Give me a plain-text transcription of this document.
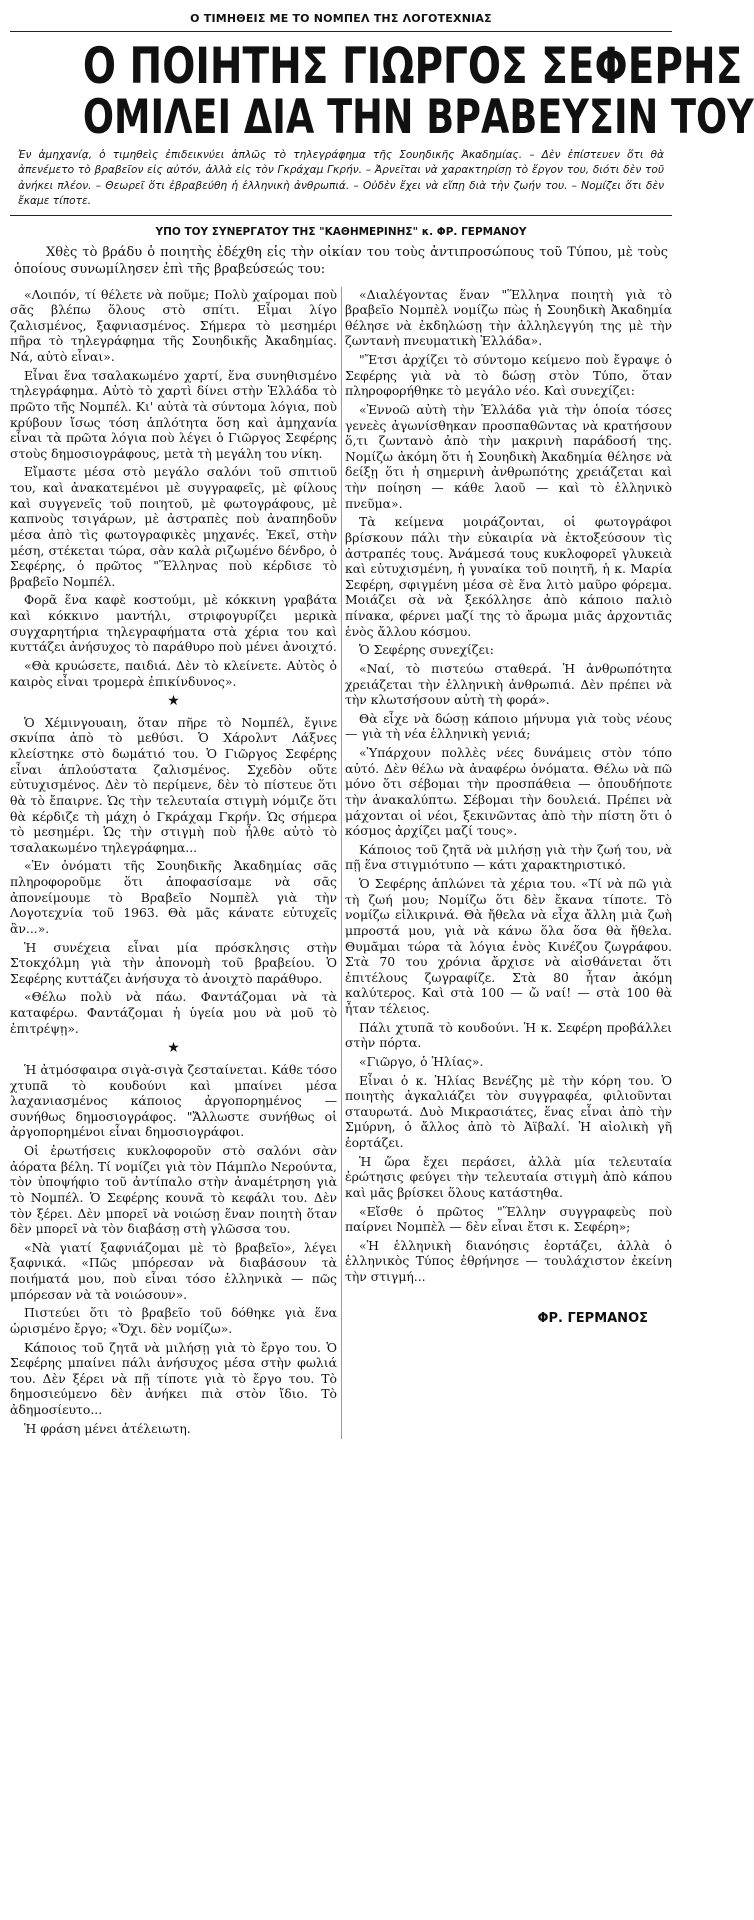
Ο ΤΙΜΗΘΕΙΣ ΜΕ ΤΟ ΝΟΜΠΕΛ ΤΗΣ ΛΟΓΟΤΕΧΝΙΑΣ
Ο ΠΟΙΗΤΗΣ ΓΙΩΡΓΟΣ ΣΕΦΕΡΗΣ
ΟΜΙΛΕΙ ΔΙΑ ΤΗΝ ΒΡΑΒΕΥΣΙΝ ΤΟΥ
Ἐν ἀμηχανίᾳ, ὁ τιμηθεὶς ἐπιδεικνύει ἁπλῶς τὸ τηλεγράφημα τῆς Σουηδικῆς Ἀκαδημίας. – Δὲν ἐπίστευεν ὅτι θὰ ἀπενέμετο τὸ βραβεῖον εἰς αὐτόν, ἀλλὰ εἰς τὸν Γκράχαμ Γκρήν. – Ἀρνεῖται νὰ χαρακτηρίσῃ τὸ ἔργον του, διότι δὲν τοῦ ἀνήκει πλέον. – Θεωρεῖ ὅτι ἐβραβεύθη ἡ ἑλληνικὴ ἀνθρωπιά. – Οὐδὲν ἔχει νὰ εἴπῃ διὰ τὴν ζωήν του. – Νομίζει ὅτι δὲν ἔκαμε τίποτε.
ΥΠΟ ΤΟΥ ΣΥΝΕΡΓΑΤΟΥ ΤΗΣ "ΚΑΘΗΜΕΡΙΝΗΣ" κ. ΦΡ. ΓΕΡΜΑΝΟΥ

Χθὲς τὸ βράδυ ὁ ποιητὴς ἐδέχθη εἰς τὴν οἰκίαν του τοὺς ἀντιπροσώπους τοῦ Τύπου, μὲ τοὺς ὁποίους συνωμίλησεν ἐπὶ τῆς βραβεύσεώς του:

«Λοιπόν, τί θέλετε νὰ ποῦμε; Πολὺ χαίρομαι ποὺ σᾶς βλέπω ὅλους στὸ σπίτι. Εἶμαι λίγο ζαλισμένος, ξαφνιασμένος. Σήμερα τὸ μεσημέρι πῆρα τὸ τηλεγράφημα τῆς Σουηδικῆς Ἀκαδημίας. Νά, αὐτὸ εἶναι».

Εἶναι ἕνα τσαλακωμένο χαρτί, ἕνα συνηθισμένο τηλεγράφημα. Αὐτὸ τὸ χαρτὶ δίνει στὴν Ἑλλάδα τὸ πρῶτο τῆς Νομπέλ. Κι' αὐτὰ τὰ σύντομα λόγια, ποὺ κρύβουν ἴσως τόση ἁπλότητα ὅση καὶ ἀμηχανία εἶναι τὰ πρῶτα λόγια ποὺ λέγει ὁ Γιῶργος Σεφέρης στοὺς δημοσιογράφους, μετὰ τὴ μεγάλη του νίκη.

Εἴμαστε μέσα στὸ μεγάλο σαλόνι τοῦ σπιτιοῦ του, καὶ ἀνακατεμένοι μὲ συγγραφεῖς, μὲ φίλους καὶ συγγενεῖς τοῦ ποιητοῦ, μὲ φωτογράφους, μὲ καπνοὺς τσιγάρων, μὲ ἀστραπὲς ποὺ ἀναπηδοῦν μέσα ἀπὸ τὶς φωτογραφικὲς μηχανές. Ἐκεῖ, στὴν μέση, στέκεται τώρα, σὰν καλὰ ριζωμένο δένδρο, ὁ Σεφέρης, ὁ πρῶτος "Ἕλληνας ποὺ κέρδισε τὸ βραβεῖο Νομπέλ.

Φορᾶ ἕνα καφὲ κοστούμι, μὲ κόκκινη γραβάτα καὶ κόκκινο μαντήλι, στριφογυρίζει μερικὰ συγχαρητήρια τηλεγραφήματα στὰ χέρια του καὶ κυττάζει ἀνήσυχος τὸ παράθυρο ποὺ μένει ἀνοιχτό.

«Θὰ κρυώσετε, παιδιά. Δὲν τὸ κλείνετε. Αὐτὸς ὁ καιρὸς εἶναι τρομερὰ ἐπικίνδυνος».

★

Ὁ Χέμινγουαιη, ὅταν πῆρε τὸ Νομπέλ, ἔγινε σκνίπα ἀπὸ τὸ μεθύσι. Ὁ Χάρολντ Λάξνες κλείστηκε στὸ δωμάτιό του. Ὁ Γιῶργος Σεφέρης εἶναι ἁπλούστατα ζαλισμένος. Σχεδὸν οὔτε εὐτυχισμένος. Δὲν τὸ περίμενε, δὲν τὸ πίστευε ὅτι θὰ τὸ ἔπαιρνε. Ὡς τὴν τελευταία στιγμὴ νόμιζε ὅτι θὰ κέρδιζε τὴ μάχη ὁ Γκράχαμ Γκρήν. Ὡς σήμερα τὸ μεσημέρι. Ὡς τὴν στιγμὴ ποὺ ἦλθε αὐτὸ τὸ τσαλακωμένο τηλεγράφημα...

«Ἐν ὀνόματι τῆς Σουηδικῆς Ἀκαδημίας σᾶς πληροφοροῦμε ὅτι ἀποφασίσαμε νὰ σᾶς ἀπονείμουμε τὸ Βραβεῖο Νομπὲλ γιὰ τὴν Λογοτεχνία τοῦ 1963. Θὰ μᾶς κάνατε εὐτυχεῖς ἂν...».

Ἡ συνέχεια εἶναι μία πρόσκλησις στὴν Στοκχόλμη γιὰ τὴν ἀπονομὴ τοῦ βραβείου. Ὁ Σεφέρης κυττάζει ἀνήσυχα τὸ ἀνοιχτὸ παράθυρο.

«Θέλω πολὺ νὰ πάω. Φαντάζομαι νὰ τὰ καταφέρω. Φαντάζομαι ἡ ὑγεία μου νὰ μοῦ τὸ ἐπιτρέψῃ».

★

Ἡ ἀτμόσφαιρα σιγὰ-σιγὰ ζεσταίνεται. Κάθε τόσο χτυπᾶ τὸ κουδούνι καὶ μπαίνει μέσα λαχανιασμένος κάποιος ἀργοπορημένος — συνήθως δημοσιογράφος. "Ἄλλωστε συνήθως οἱ ἀργοπορημένοι εἶναι δημοσιογράφοι.

Οἱ ἐρωτήσεις κυκλοφοροῦν στὸ σαλόνι σὰν ἀόρατα βέλη. Τί νομίζει γιὰ τὸν Πάμπλο Νερούντα, τὸν ὑποψήφιο τοῦ ἀντίπαλο στὴν ἀναμέτρηση γιὰ τὸ Νομπέλ. Ὁ Σεφέρης κουνᾶ τὸ κεφάλι του. Δὲν τὸν ξέρει. Δὲν μπορεῖ νὰ νοιώσῃ ἕναν ποιητὴ ὅταν δὲν μπορεῖ νὰ τὸν διαβάσῃ στὴ γλῶσσα του.

«Νὰ γιατί ξαφνιάζομαι μὲ τὸ βραβεῖο», λέγει ξαφνικά. «Πῶς μπόρεσαν νὰ διαβάσουν τὰ ποιήματά μου, ποὺ εἶναι τόσο ἑλληνικὰ — πῶς μπόρεσαν νὰ τὰ νοιώσουν».

Πιστεύει ὅτι τὸ βραβεῖο τοῦ δόθηκε γιὰ ἕνα ὡρισμένο ἔργο; «Ὄχι. δὲν νομίζω».

Κάποιος τοῦ ζητᾶ νὰ μιλήσῃ γιὰ τὸ ἔργο του. Ὁ Σεφέρης μπαίνει πάλι ἀνήσυχος μέσα στὴν φωλιά του. Δὲν ξέρει νὰ πῇ τίποτε γιὰ τὸ ἔργο του. Τὸ δημοσιεύμενο δὲν ἀνήκει πιὰ στὸν ἴδιο. Τὸ ἀδημοσίευτο...

Ἡ φράση μένει ἀτέλειωτη.

«Διαλέγοντας ἕναν "Ἕλληνα ποιητὴ γιὰ τὸ βραβεῖο Νομπὲλ νομίζω πὼς ἡ Σουηδικὴ Ἀκαδημία θέλησε νὰ ἐκδηλώσῃ τὴν ἀλληλεγγύη της μὲ τὴν ζωντανὴ πνευματικὴ Ἑλλάδα».

"Ἔτσι ἀρχίζει τὸ σύντομο κείμενο ποὺ ἔγραψε ὁ Σεφέρης γιὰ νὰ τὸ δώσῃ στὸν Τύπο, ὅταν πληροφορήθηκε τὸ μεγάλο νέο. Καὶ συνεχίζει:

«Ἐννοῶ αὐτὴ τὴν Ἑλλάδα γιὰ τὴν ὁποία τόσες γενεὲς ἀγωνίσθηκαν προσπαθῶντας νὰ κρατήσουν ὅ,τι ζωντανὸ ἀπὸ τὴν μακρινὴ παράδοσή της. Νομίζω ἀκόμη ὅτι ἡ Σουηδικὴ Ἀκαδημία θέλησε νὰ δείξῃ ὅτι ἡ σημερινὴ ἀνθρωπότης χρειάζεται καὶ τὴν ποίηση — κάθε λαοῦ — καὶ τὸ ἑλληνικὸ πνεῦμα».

Τὰ κείμενα μοιράζονται, οἱ φωτογράφοι βρίσκουν πάλι τὴν εὐκαιρία νὰ ἐκτοξεύσουν τὶς ἀστραπές τους. Ἀνάμεσά τους κυκλοφορεῖ γλυκειὰ καὶ εὐτυχισμένη, ἡ γυναίκα τοῦ ποιητῆ, ἡ κ. Μαρία Σεφέρη, σφιγμένη μέσα σὲ ἕνα λιτὸ μαῦρο φόρεμα. Μοιάζει σὰ νὰ ξεκόλλησε ἀπὸ κάποιο παλιὸ πίνακα, φέρνει μαζί της τὸ ἄρωμα μιᾶς ἀρχοντιᾶς ἑνὸς ἄλλου κόσμου.

Ὁ Σεφέρης συνεχίζει:

«Ναί, τὸ πιστεύω σταθερά. Ἡ ἀνθρωπότητα χρειάζεται τὴν ἑλληνικὴ ἀνθρωπιά. Δὲν πρέπει νὰ τὴν κλωτσήσουν αὐτὴ τὴ φορά».

Θὰ εἶχε νὰ δώσῃ κάποιο μήνυμα γιὰ τοὺς νέους — γιὰ τὴ νέα ἑλληνικὴ γενιά;

«Ὑπάρχουν πολλὲς νέες δυνάμεις στὸν τόπο αὐτό. Δὲν θέλω νὰ ἀναφέρω ὀνόματα. Θέλω νὰ πῶ μόνο ὅτι σέβομαι τὴν προσπάθεια — ὁπουδήποτε τὴν ἀνακαλύπτω. Σέβομαι τὴν δουλειά. Πρέπει νὰ μάχονται οἱ νέοι, ξεκινῶντας ἀπὸ τὴν πίστη ὅτι ὁ κόσμος ἀρχίζει μαζί τους».

Κάποιος τοῦ ζητᾶ νὰ μιλήσῃ γιὰ τὴν ζωή του, νὰ πῇ ἕνα στιγμιότυπο — κάτι χαρακτηριστικό.

Ὁ Σεφέρης ἁπλώνει τὰ χέρια του. «Τί νὰ πῶ γιὰ τὴ ζωή μου; Νομίζω ὅτι δὲν ἔκανα τίποτε. Τὸ νομίζω εἰλικρινά. Θὰ ἤθελα νὰ εἶχα ἄλλη μιὰ ζωὴ μπροστά μου, γιὰ νὰ κάνω ὅλα ὅσα θὰ ἤθελα. Θυμᾶμαι τώρα τὰ λόγια ἑνὸς Κινέζου ζωγράφου. Στὰ 70 του χρόνια ἄρχισε νὰ αἰσθάνεται ὅτι ἐπιτέλους ζωγραφίζε. Στὰ 80 ἦταν ἀκόμη καλύτερος. Καὶ στὰ 100 — ὤ ναί! — στὰ 100 θὰ ἦταν τέλειος.

Πάλι χτυπᾶ τὸ κουδούνι. Ἡ κ. Σεφέρη προβάλλει στὴν πόρτα.

«Γιῶργο, ὁ Ἡλίας».

Εἶναι ὁ κ. Ἡλίας Βενέζης μὲ τὴν κόρη του. Ὁ ποιητὴς ἀγκαλιάζει τὸν συγγραφέα, φιλιοῦνται σταυρωτά. Δυὸ Μικρασιάτες, ἕνας εἶναι ἀπὸ τὴν Σμύρνη, ὁ ἄλλος ἀπὸ τὸ Ἀϊβαλί. Ἡ αἰολικὴ γῆ ἑορτάζει.

Ἡ ὥρα ἔχει περάσει, ἀλλὰ μία τελευταία ἐρώτησις φεύγει τὴν τελευταία στιγμὴ ἀπὸ κάπου καὶ μᾶς βρίσκει ὅλους κατάστηθα.

«Εἴσθε ὁ πρῶτος "Ἕλλην συγγραφεὺς ποὺ παίρνει Νομπὲλ — δὲν εἶναι ἔτσι κ. Σεφέρη»;

«Ἡ ἑλληνικὴ διανόησις ἑορτάζει, ἀλλὰ ὁ ἑλληνικὸς Τύπος ἐθρήνησε — τουλάχιστον ἐκείνη τὴν στιγμή...

ΦΡ. ΓΕΡΜΑΝΟΣ
